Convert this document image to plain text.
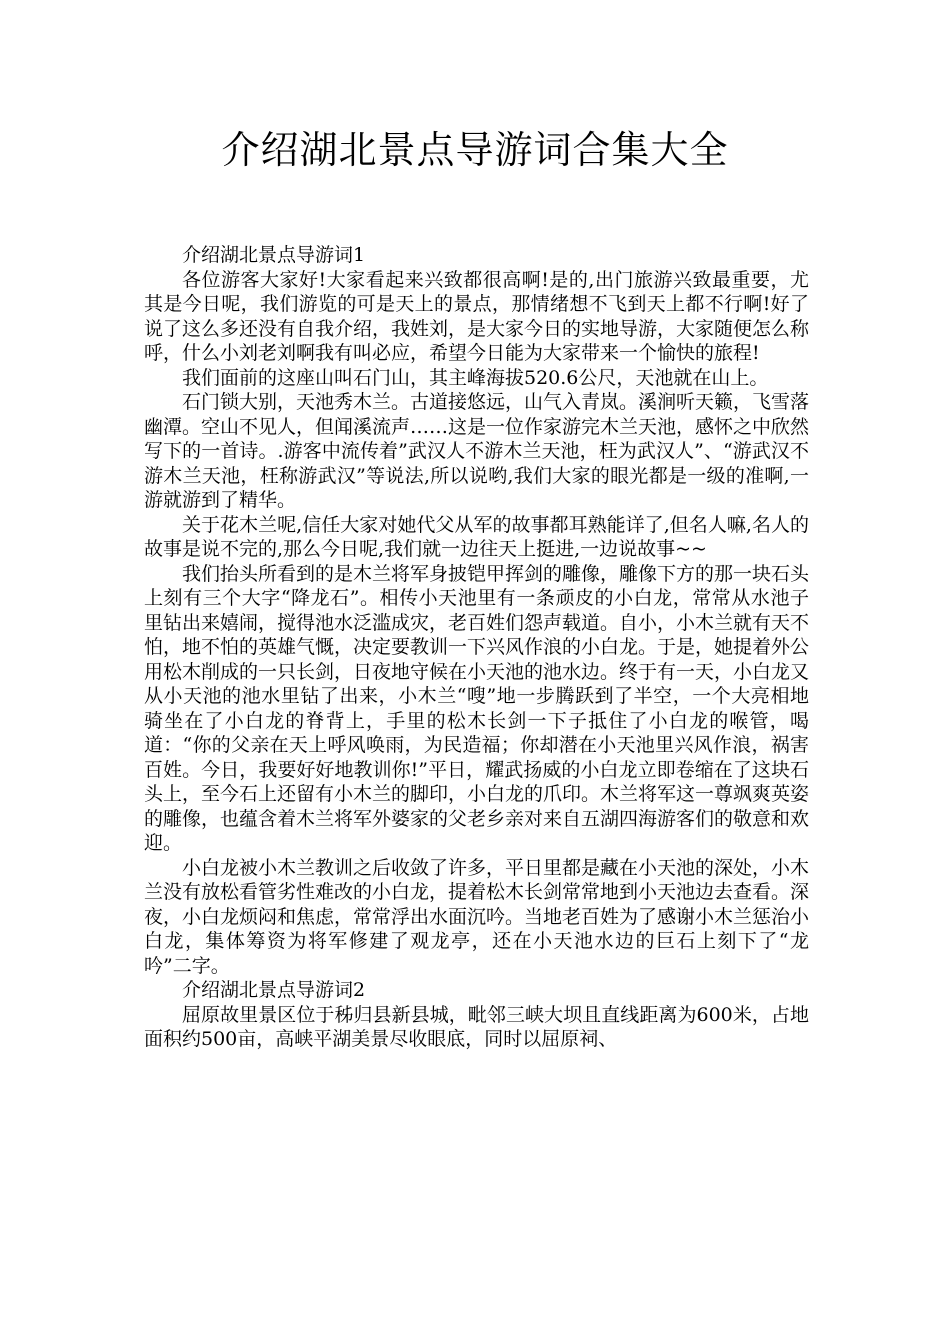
介绍湖北景点导游词合集大全

介绍湖北景点导游词1

各位游客大家好!大家看起来兴致都很高啊!是的,出门旅游兴致最重要，尤其是今日呢，我们游览的可是天上的景点，那情绪想不飞到天上都不行啊!好了说了这么多还没有自我介绍，我姓刘，是大家今日的实地导游，大家随便怎么称呼，什么小刘老刘啊我有叫必应，希望今日能为大家带来一个愉快的旅程!

我们面前的这座山叫石门山，其主峰海拔520.6公尺，天池就在山上。

石门锁大别，天池秀木兰。古道接悠远，山气入青岚。溪涧听天籁，飞雪落幽潭。空山不见人，但闻溪流声……这是一位作家游完木兰天池，感怀之中欣然写下的一首诗。.游客中流传着”武汉人不游木兰天池，枉为武汉人”、“游武汉不游木兰天池，枉称游武汉”等说法,所以说哟,我们大家的眼光都是一级的准啊,一游就游到了精华。

关于花木兰呢,信任大家对她代父从军的故事都耳熟能详了,但名人嘛,名人的故事是说不完的,那么今日呢,我们就一边往天上挺进,一边说故事~~

我们抬头所看到的是木兰将军身披铠甲挥剑的雕像，雕像下方的那一块石头上刻有三个大字“降龙石”。相传小天池里有一条顽皮的小白龙，常常从水池子里钻出来嬉闹，搅得池水泛滥成灾，老百姓们怨声载道。自小，小木兰就有天不怕，地不怕的英雄气慨，决定要教训一下兴风作浪的小白龙。于是，她提着外公用松木削成的一只长剑，日夜地守候在小天池的池水边。终于有一天，小白龙又从小天池的池水里钻了出来，小木兰“嗖”地一步腾跃到了半空，一个大亮相地骑坐在了小白龙的脊背上，手里的松木长剑一下子抵住了小白龙的喉管，喝道：“你的父亲在天上呼风唤雨，为民造福；你却潜在小天池里兴风作浪，祸害百姓。今日，我要好好地教训你!”平日，耀武扬威的小白龙立即卷缩在了这块石头上，至今石上还留有小木兰的脚印，小白龙的爪印。木兰将军这一尊飒爽英姿的雕像，也蕴含着木兰将军外婆家的父老乡亲对来自五湖四海游客们的敬意和欢迎。

小白龙被小木兰教训之后收敛了许多，平日里都是藏在小天池的深处，小木兰没有放松看管劣性难改的小白龙，提着松木长剑常常地到小天池边去查看。深夜，小白龙烦闷和焦虑，常常浮出水面沉吟。当地老百姓为了感谢小木兰惩治小白龙，集体筹资为将军修建了观龙亭，还在小天池水边的巨石上刻下了“龙吟”二字。

介绍湖北景点导游词2

屈原故里景区位于秭归县新县城，毗邻三峡大坝且直线距离为600米，占地面积约500亩，高峡平湖美景尽收眼底，同时以屈原祠、
